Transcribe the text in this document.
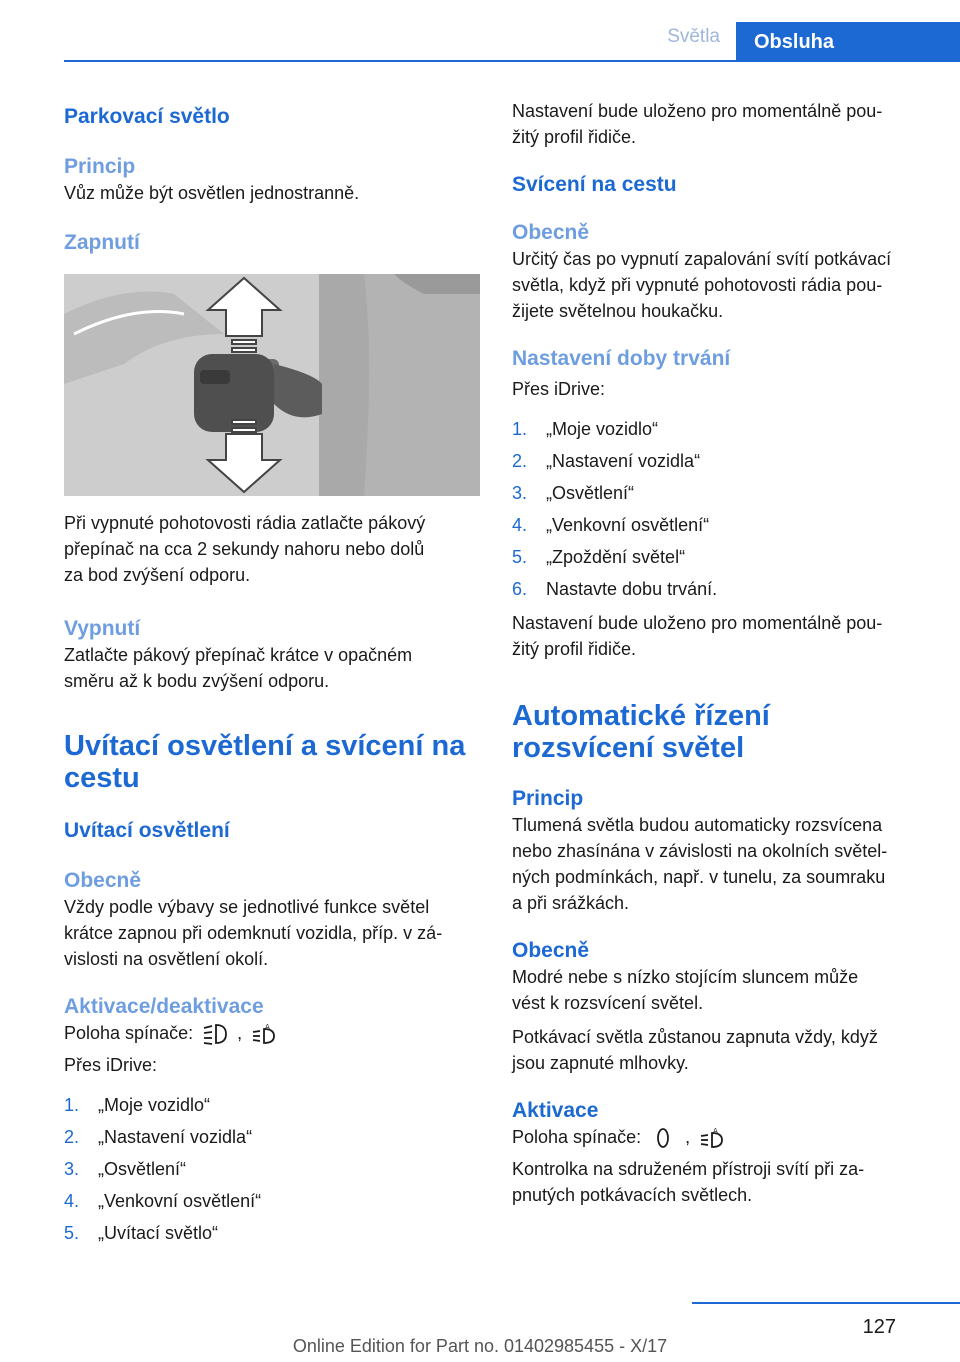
Světla	Obsluha
Parkovací světlo
Princip

Vůz může být osvětlen jednostranně.

Zapnutí

Při vypnuté pohotovosti rádia zatlačte pákový

přepínač na cca 2 sekundy nahoru nebo dolů

za bod zvýšení odporu.

Vypnutí

Zatlačte pákový přepínač krátce v opačném

směru až k bodu zvýšení odporu.

Uvítací osvětlení a svícení na
cestu
Uvítací osvětlení
Obecně

Vždy podle výbavy se jednotlivé funkce světel

krátce zapnou při odemknutí vozidla, příp. v zá‐

vislosti na osvětlení okolí.

Aktivace/deaktivace

Poloha spínače: ,	A

Přes iDrive:

1.	„Moje vozidlo“
2.	„Nastavení vozidla“
3.	„Osvětlení“
4.	„Venkovní osvětlení“
5.	„Uvítací světlo“

Nastavení bude uloženo pro momentálně pou‐

žitý profil řidiče.

Svícení na cestu
Obecně

Určitý čas po vypnutí zapalování svítí potkávací

světla, když při vypnuté pohotovosti rádia pou‐

žijete světelnou houkačku.

Nastavení doby trvání

Přes iDrive:

1.	„Moje vozidlo“
2.	„Nastavení vozidla“
3.	„Osvětlení“
4.	„Venkovní osvětlení“
5.	„Zpoždění světel“
6.	Nastavte dobu trvání.

Nastavení bude uloženo pro momentálně pou‐

žitý profil řidiče.

Automatické řízení
rozsvícení světel
Princip

Tlumená světla budou automaticky rozsvícena

nebo zhasínána v závislosti na okolních světel‐

ných podmínkách, např. v tunelu, za soumraku

a při srážkách.

Obecně

Modré nebe s nízko stojícím sluncem může

vést k rozsvícení světel.

Potkávací světla zůstanou zapnuta vždy, když

jsou zapnuté mlhovky.

Aktivace

Poloha spínače: ,	A

Kontrolka na sdruženém přístroji svítí při za‐

pnutých potkávacích světlech.

127
Online Edition for Part no. 01402985455 - X/17
